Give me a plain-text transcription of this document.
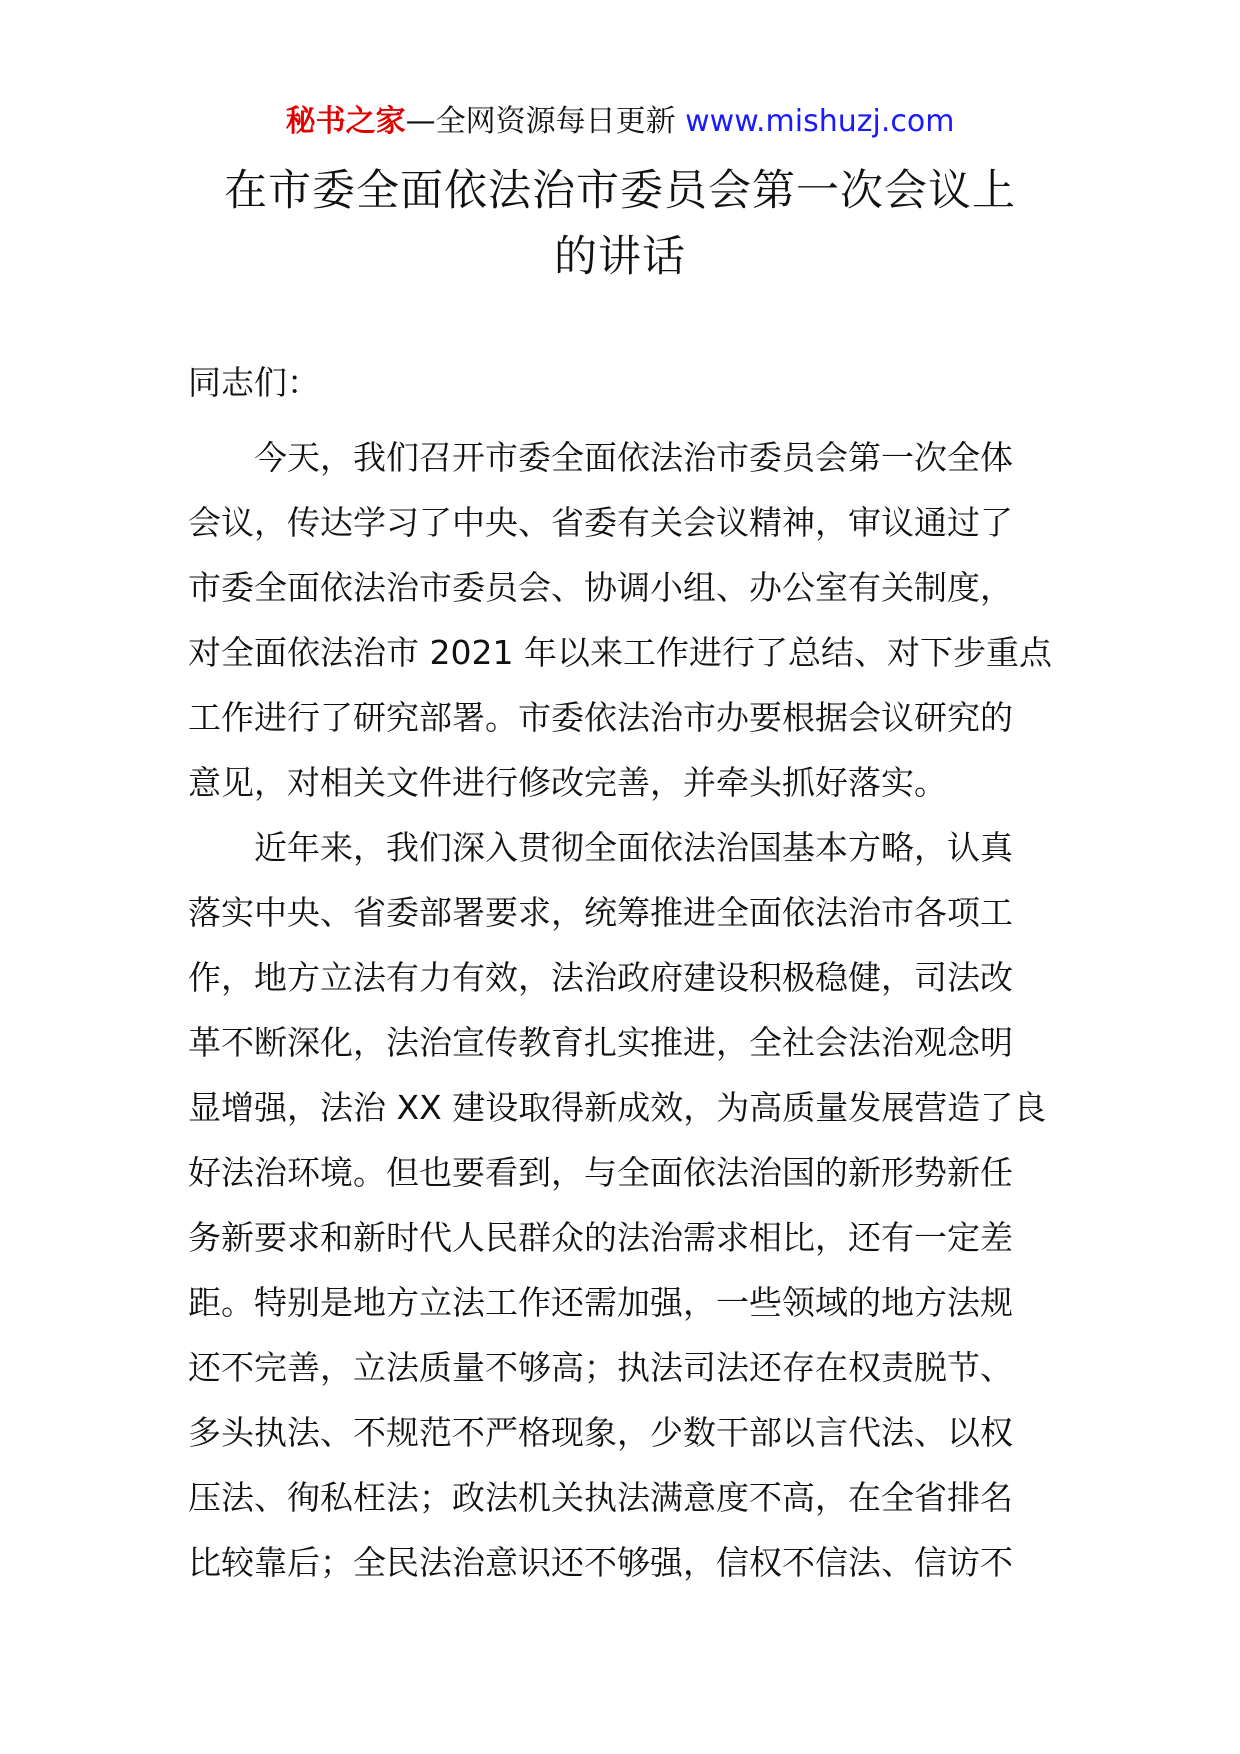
秘书之家—全网资源每日更新 www.mishuzj.com
在市委全面依法治市委员会第一次会议上
的讲话

同志们：

今天，我们召开市委全面依法治市委员会第一次全体
会议，传达学习了中央、省委有关会议精神，审议通过了
市委全面依法治市委员会、协调小组、办公室有关制度，
对全面依法治市 2021 年以来工作进行了总结、对下步重点
工作进行了研究部署。市委依法治市办要根据会议研究的
意见，对相关文件进行修改完善，并牵头抓好落实。

近年来，我们深入贯彻全面依法治国基本方略，认真
落实中央、省委部署要求，统筹推进全面依法治市各项工
作，地方立法有力有效，法治政府建设积极稳健，司法改
革不断深化，法治宣传教育扎实推进，全社会法治观念明
显增强，法治 XX 建设取得新成效，为高质量发展营造了良
好法治环境。但也要看到，与全面依法治国的新形势新任
务新要求和新时代人民群众的法治需求相比，还有一定差
距。特别是地方立法工作还需加强，一些领域的地方法规
还不完善，立法质量不够高；执法司法还存在权责脱节、
多头执法、不规范不严格现象，少数干部以言代法、以权
压法、徇私枉法；政法机关执法满意度不高，在全省排名
比较靠后；全民法治意识还不够强，信权不信法、信访不
